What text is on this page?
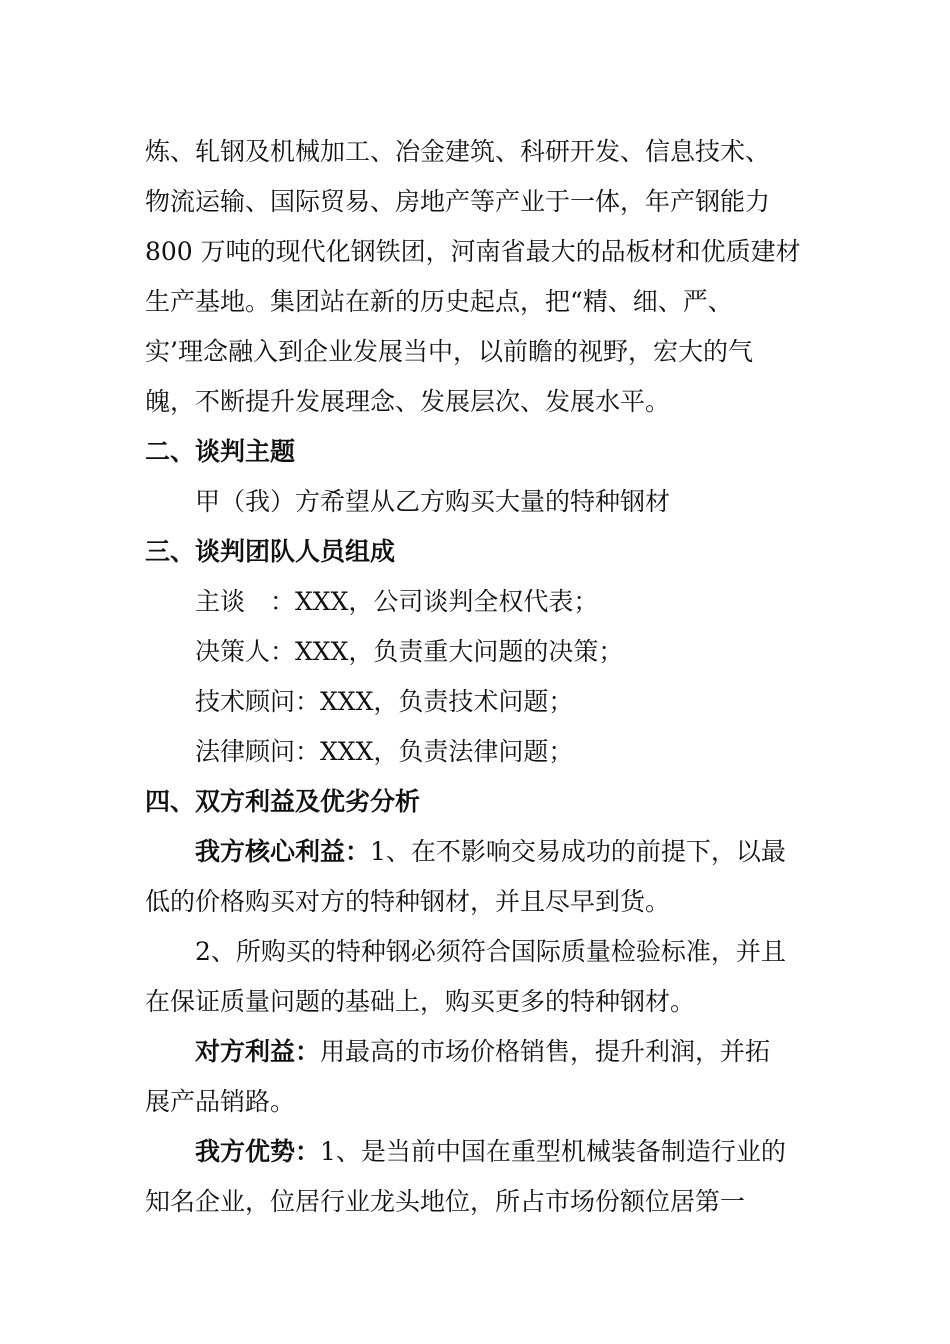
炼、轧钢及机械加工、冶金建筑、科研开发、信息技术、
物流运输、国际贸易、房地产等产业于一体，年产钢能力
800 万吨的现代化钢铁团，河南省最大的品板材和优质建材
生产基地。集团站在新的历史起点，把“精、细、严、
实’理念融入到企业发展当中，以前瞻的视野，宏大的气
魄，不断提升发展理念、发展层次、发展水平。
二、谈判主题
甲（我）方希望从乙方购买大量的特种钢材
三、谈判团队人员组成
主谈　：XXX，公司谈判全权代表；
决策人：XXX，负责重大问题的决策；
技术顾问：XXX，负责技术问题；
法律顾问：XXX，负责法律问题；
四、双方利益及优劣分析
我方核心利益：1、在不影响交易成功的前提下，以最
低的价格购买对方的特种钢材，并且尽早到货。
2、所购买的特种钢必须符合国际质量检验标准，并且
在保证质量问题的基础上，购买更多的特种钢材。
对方利益：用最高的市场价格销售，提升利润，并拓
展产品销路。
我方优势：1、是当前中国在重型机械装备制造行业的
知名企业，位居行业龙头地位，所占市场份额位居第一
